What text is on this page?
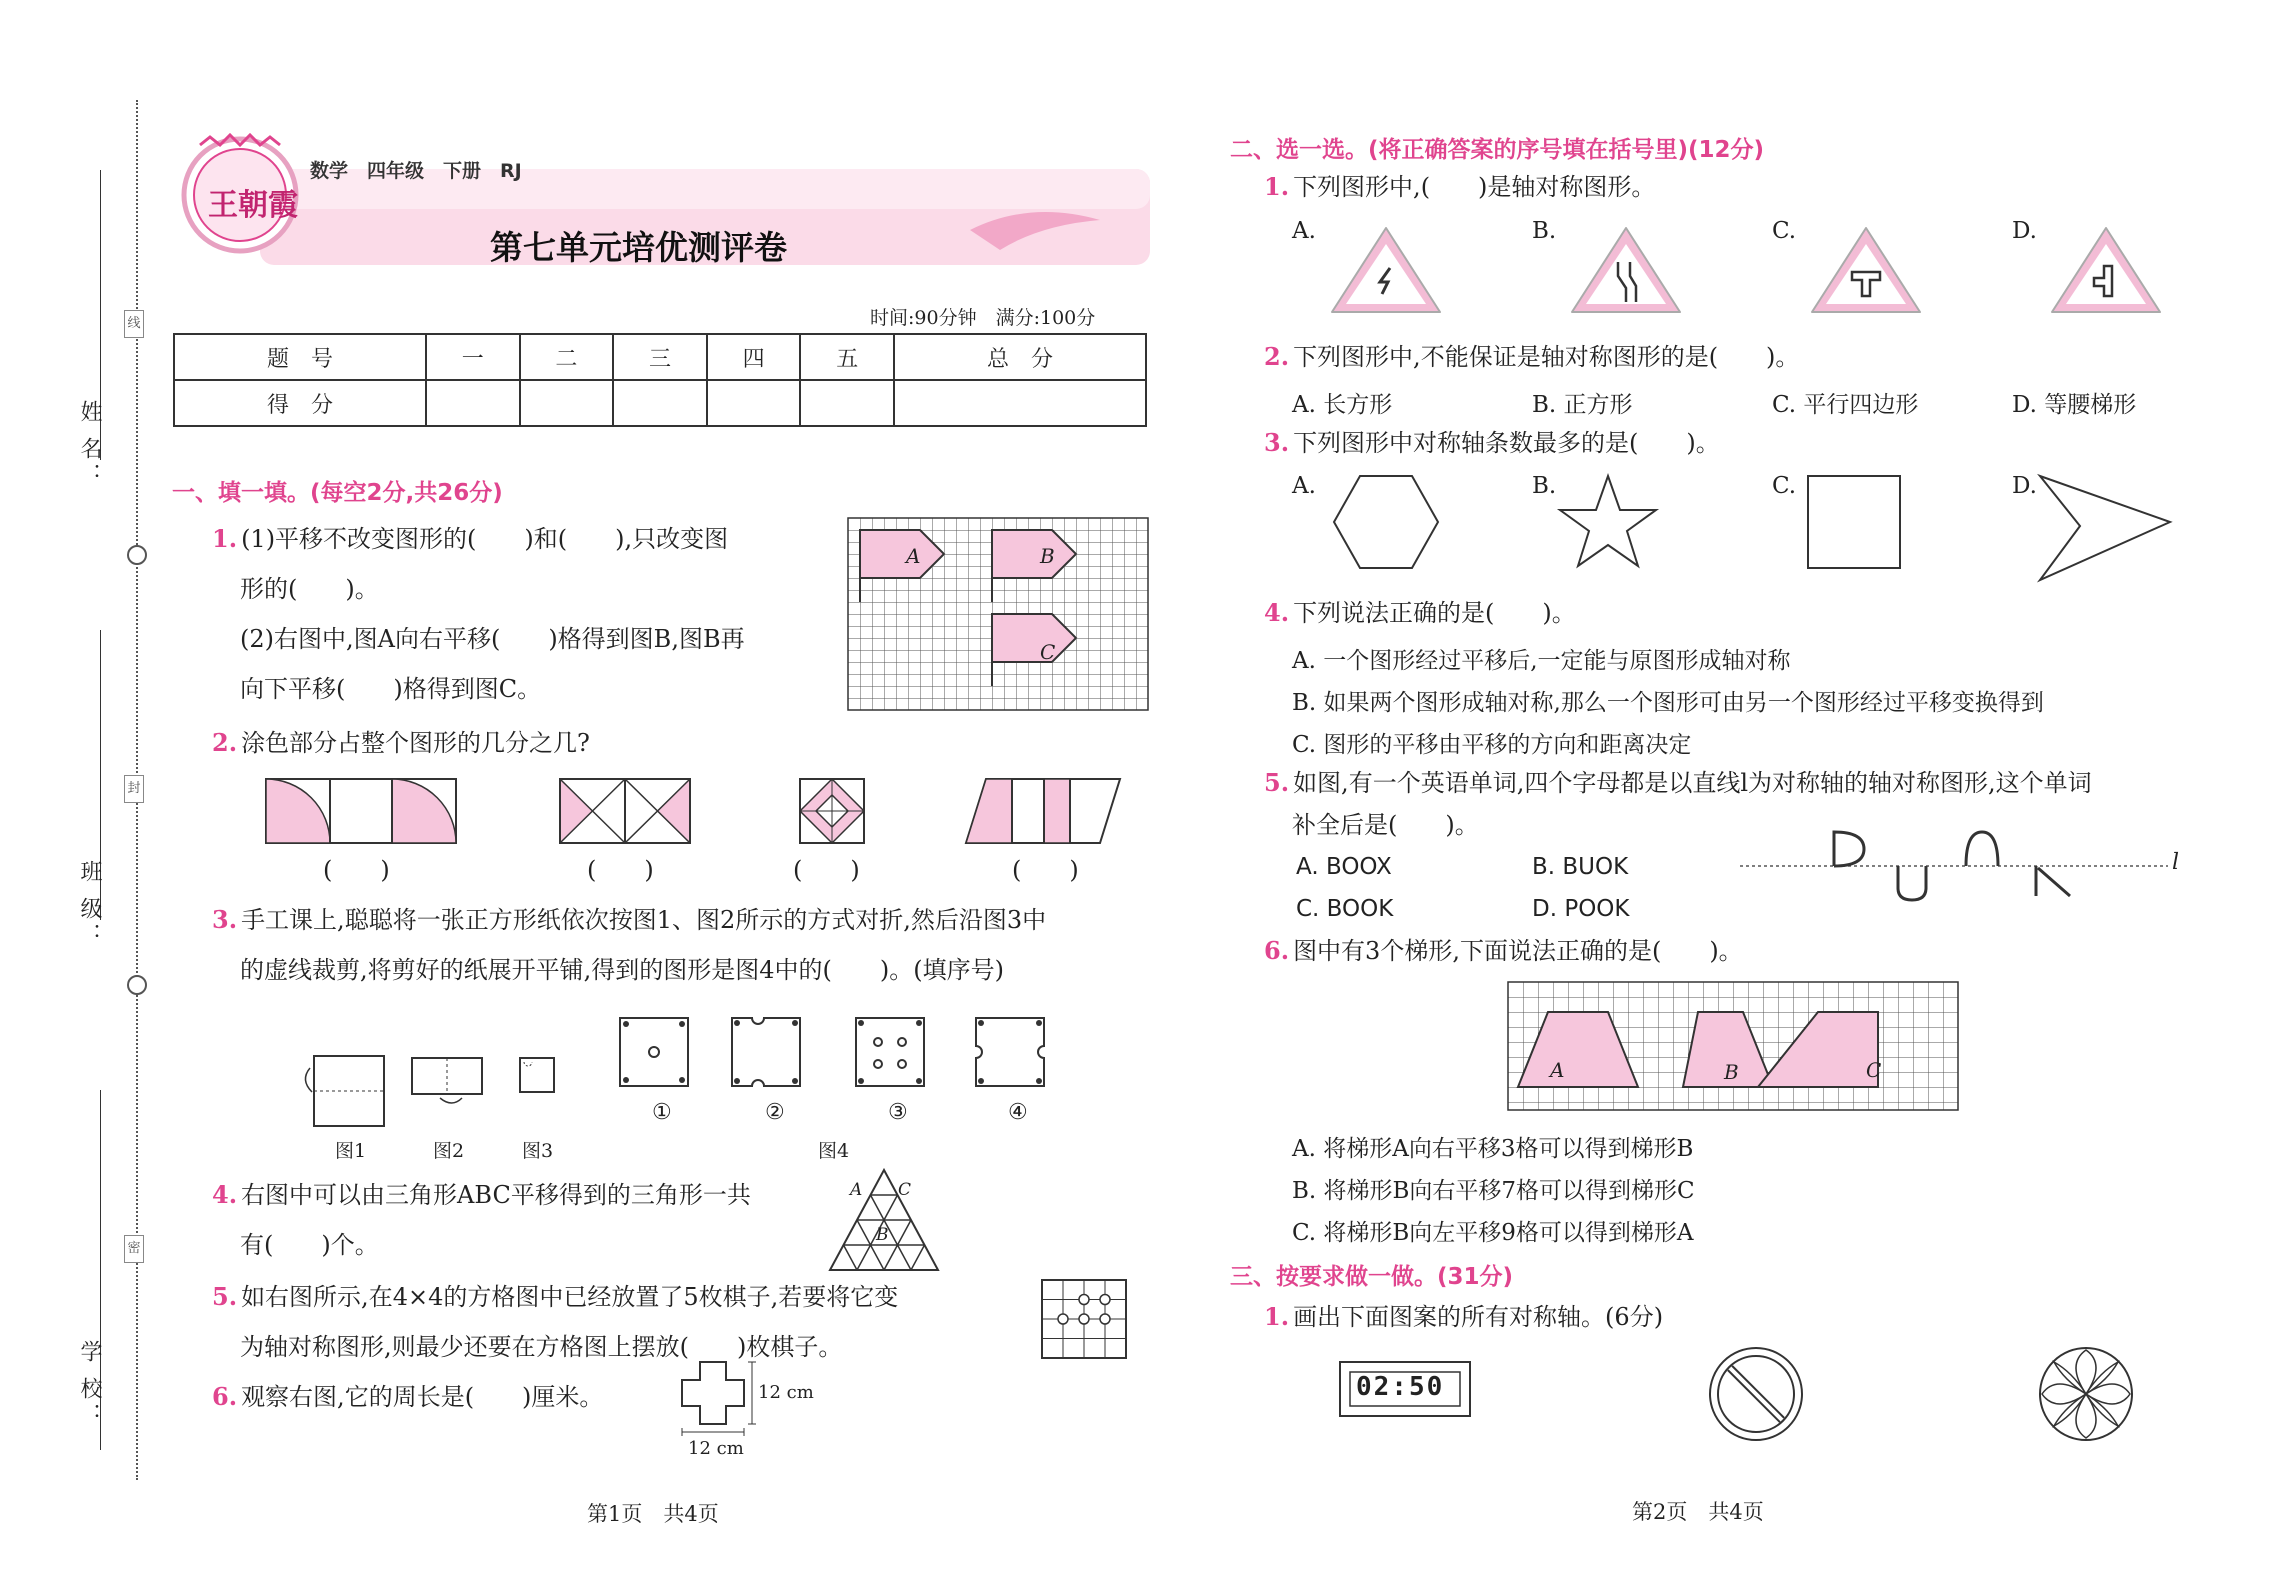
姓 名：
班 级：
学 校：
线
封
密
王朝霞
数学　四年级　下册　RJ
第七单元培优测评卷
时间:90分钟　满分:100分
题　号	一	二	三	四	五	总　分
得　分						
一、填一填。(每空2分,共26分)
1. (1)平移不改变图形的(　　)和(　　),只改变图
形的(　　)。
(2)右图中,图A向右平移(　　)格得到图B,图B再
向下平移(　　)格得到图C。
A	B
C
2. 涂色部分占整个图形的几分之几?
(　　)	(　　)	(　　)	(　　)
3. 手工课上,聪聪将一张正方形纸依次按图1、图2所示的方式对折,然后沿图3中
的虚线裁剪,将剪好的纸展开平铺,得到的图形是图4中的(　　)。(填序号)
图1	图2	图3	图4
①	②	③	④
4. 右图中可以由三角形ABC平移得到的三角形一共
有(　　)个。
A C
B
5. 如右图所示,在4×4的方格图中已经放置了5枚棋子,若要将它变
为轴对称图形,则最少还要在方格图上摆放(　　)枚棋子。
6. 观察右图,它的周长是(　　)厘米。	12 cm
12 cm
二、选一选。(将正确答案的序号填在括号里)(12分)
1. 下列图形中,(　　)是轴对称图形。
A.	B.	C.	D.
2. 下列图形中,不能保证是轴对称图形的是(　　)。
A. 长方形	B. 正方形	C. 平行四边形	D. 等腰梯形
3. 下列图形中对称轴条数最多的是(　　)。
A.	B.	C.	D.
4. 下列说法正确的是(　　)。
A. 一个图形经过平移后,一定能与原图形成轴对称
B. 如果两个图形成轴对称,那么一个图形可由另一个图形经过平移变换得到
C. 图形的平移由平移的方向和距离决定
5. 如图,有一个英语单词,四个字母都是以直线l为对称轴的轴对称图形,这个单词
补全后是(　　)。
A. BOOX	B. BUOK
C. BOOK	D. POOK
l
6. 图中有3个梯形,下面说法正确的是(　　)。
A	B	C
A. 将梯形A向右平移3格可以得到梯形B
B. 将梯形B向右平移7格可以得到梯形C
C. 将梯形B向左平移9格可以得到梯形A
三、按要求做一做。(31分)
1. 画出下面图案的所有对称轴。(6分)
02:50
第1页　共4页	第2页　共4页
